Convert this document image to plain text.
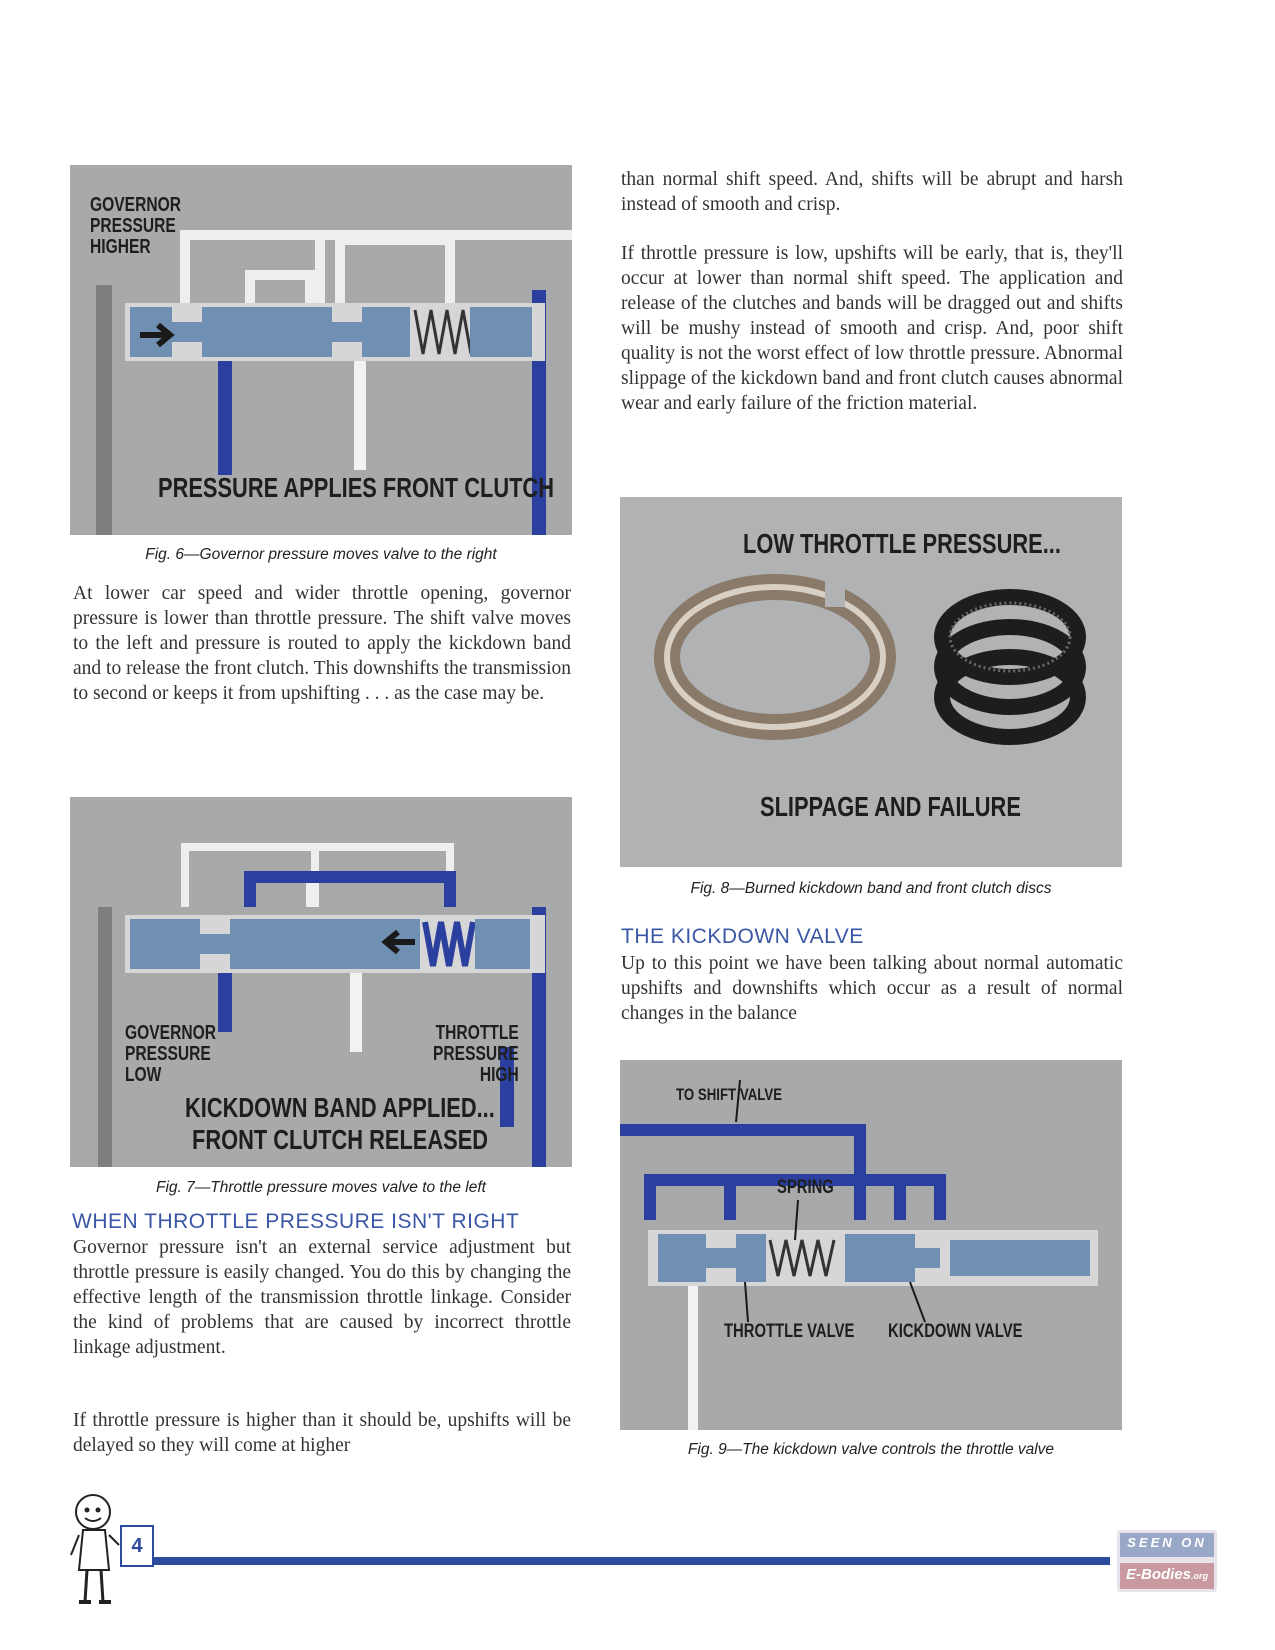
GOVERNOR
PRESSURE
HIGHER
PRESSURE APPLIES FRONT CLUTCH
Fig. 6—Governor pressure moves valve to the right

At lower car speed and wider throttle opening, governor pressure is lower than throttle pressure. The shift valve moves to the left and pressure is routed to apply the kickdown band and to release the front clutch. This downshifts the transmission to second or keeps it from upshifting . . . as the case may be.

GOVERNOR
PRESSURE
LOW
THROTTLE
PRESSURE
HIGH
KICKDOWN BAND APPLIED...
FRONT CLUTCH RELEASED
Fig. 7—Throttle pressure moves valve to the left
WHEN THROTTLE PRESSURE ISN'T RIGHT

Governor pressure isn't an external service adjustment but throttle pressure is easily changed. You do this by changing the effective length of the transmission throttle linkage. Consider the kind of problems that are caused by incorrect throttle linkage adjustment.

If throttle pressure is higher than it should be, upshifts will be delayed so they will come at higher

than normal shift speed. And, shifts will be abrupt and harsh instead of smooth and crisp.

If throttle pressure is low, upshifts will be early, that is, they'll occur at lower than normal shift speed. The application and release of the clutches and bands will be dragged out and shifts will be mushy instead of smooth and crisp. And, poor shift quality is not the worst effect of low throttle pressure. Abnormal slippage of the kickdown band and front clutch causes abnormal wear and early failure of the friction material.

LOW THROTTLE PRESSURE...
SLIPPAGE AND FAILURE
Fig. 8—Burned kickdown band and front clutch discs
THE KICKDOWN VALVE

Up to this point we have been talking about normal automatic upshifts and downshifts which occur as a result of normal changes in the balance

TO SHIFT VALVE
SPRING
THROTTLE VALVE KICKDOWN VALVE
Fig. 9—The kickdown valve controls the throttle valve
4	SEEN ON
E-Bodies.org
